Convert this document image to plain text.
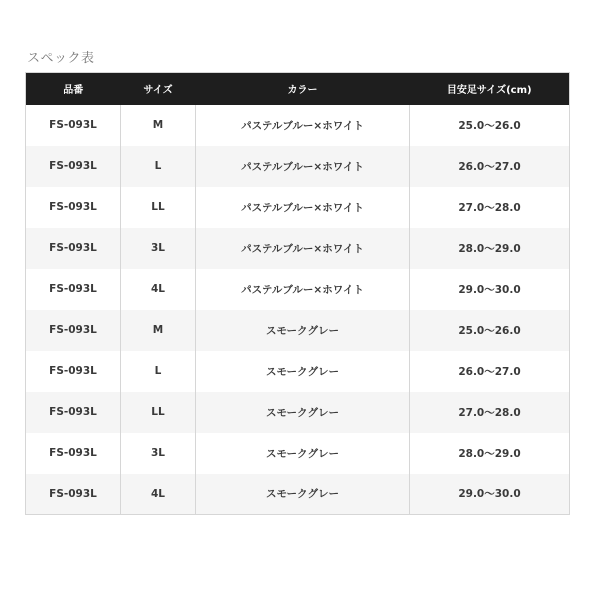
スペック表
品番	サイズ	カラー	目安足サイズ(cm)
FS-093L	M	パステルブルー×ホワイト	25.0〜26.0
FS-093L	L	パステルブルー×ホワイト	26.0〜27.0
FS-093L	LL	パステルブルー×ホワイト	27.0〜28.0
FS-093L	3L	パステルブルー×ホワイト	28.0〜29.0
FS-093L	4L	パステルブルー×ホワイト	29.0〜30.0
FS-093L	M	スモークグレー	25.0〜26.0
FS-093L	L	スモークグレー	26.0〜27.0
FS-093L	LL	スモークグレー	27.0〜28.0
FS-093L	3L	スモークグレー	28.0〜29.0
FS-093L	4L	スモークグレー	29.0〜30.0
